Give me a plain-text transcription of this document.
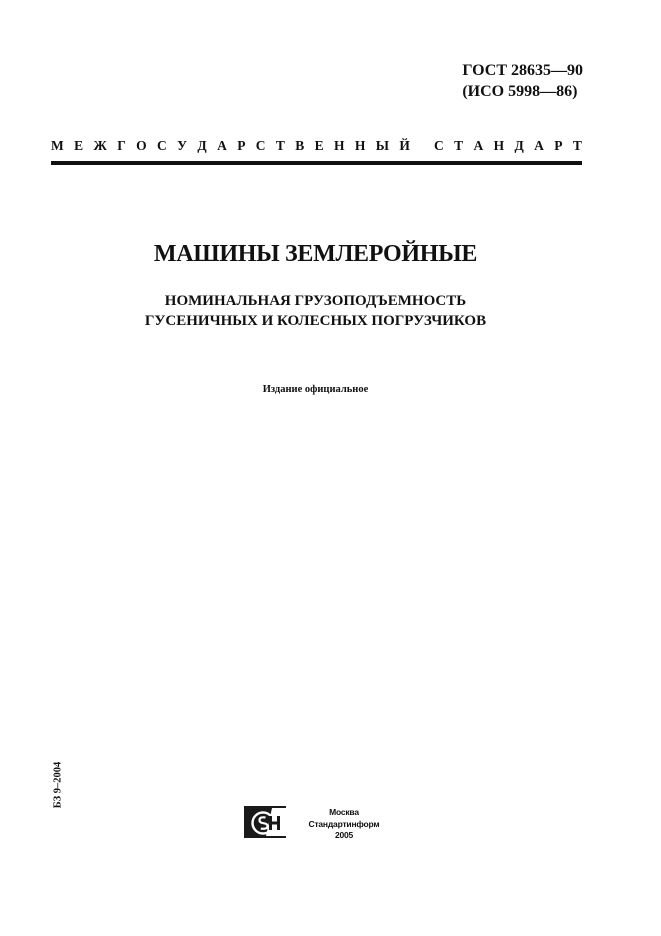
ГОСТ 28635—90
(ИСО 5998—86)
М Е Ж Г О С У Д А Р С Т В Е Н Н Ы Й
С Т А Н Д А Р Т
МАШИНЫ ЗЕМЛЕРОЙНЫЕ
НОМИНАЛЬНАЯ ГРУЗОПОДЪЕМНОСТЬ
ГУСЕНИЧНЫХ И КОЛЕСНЫХ ПОГРУЗЧИКОВ
Издание официальное
БЗ 9–2004
Москва
Стандартинформ
2005
